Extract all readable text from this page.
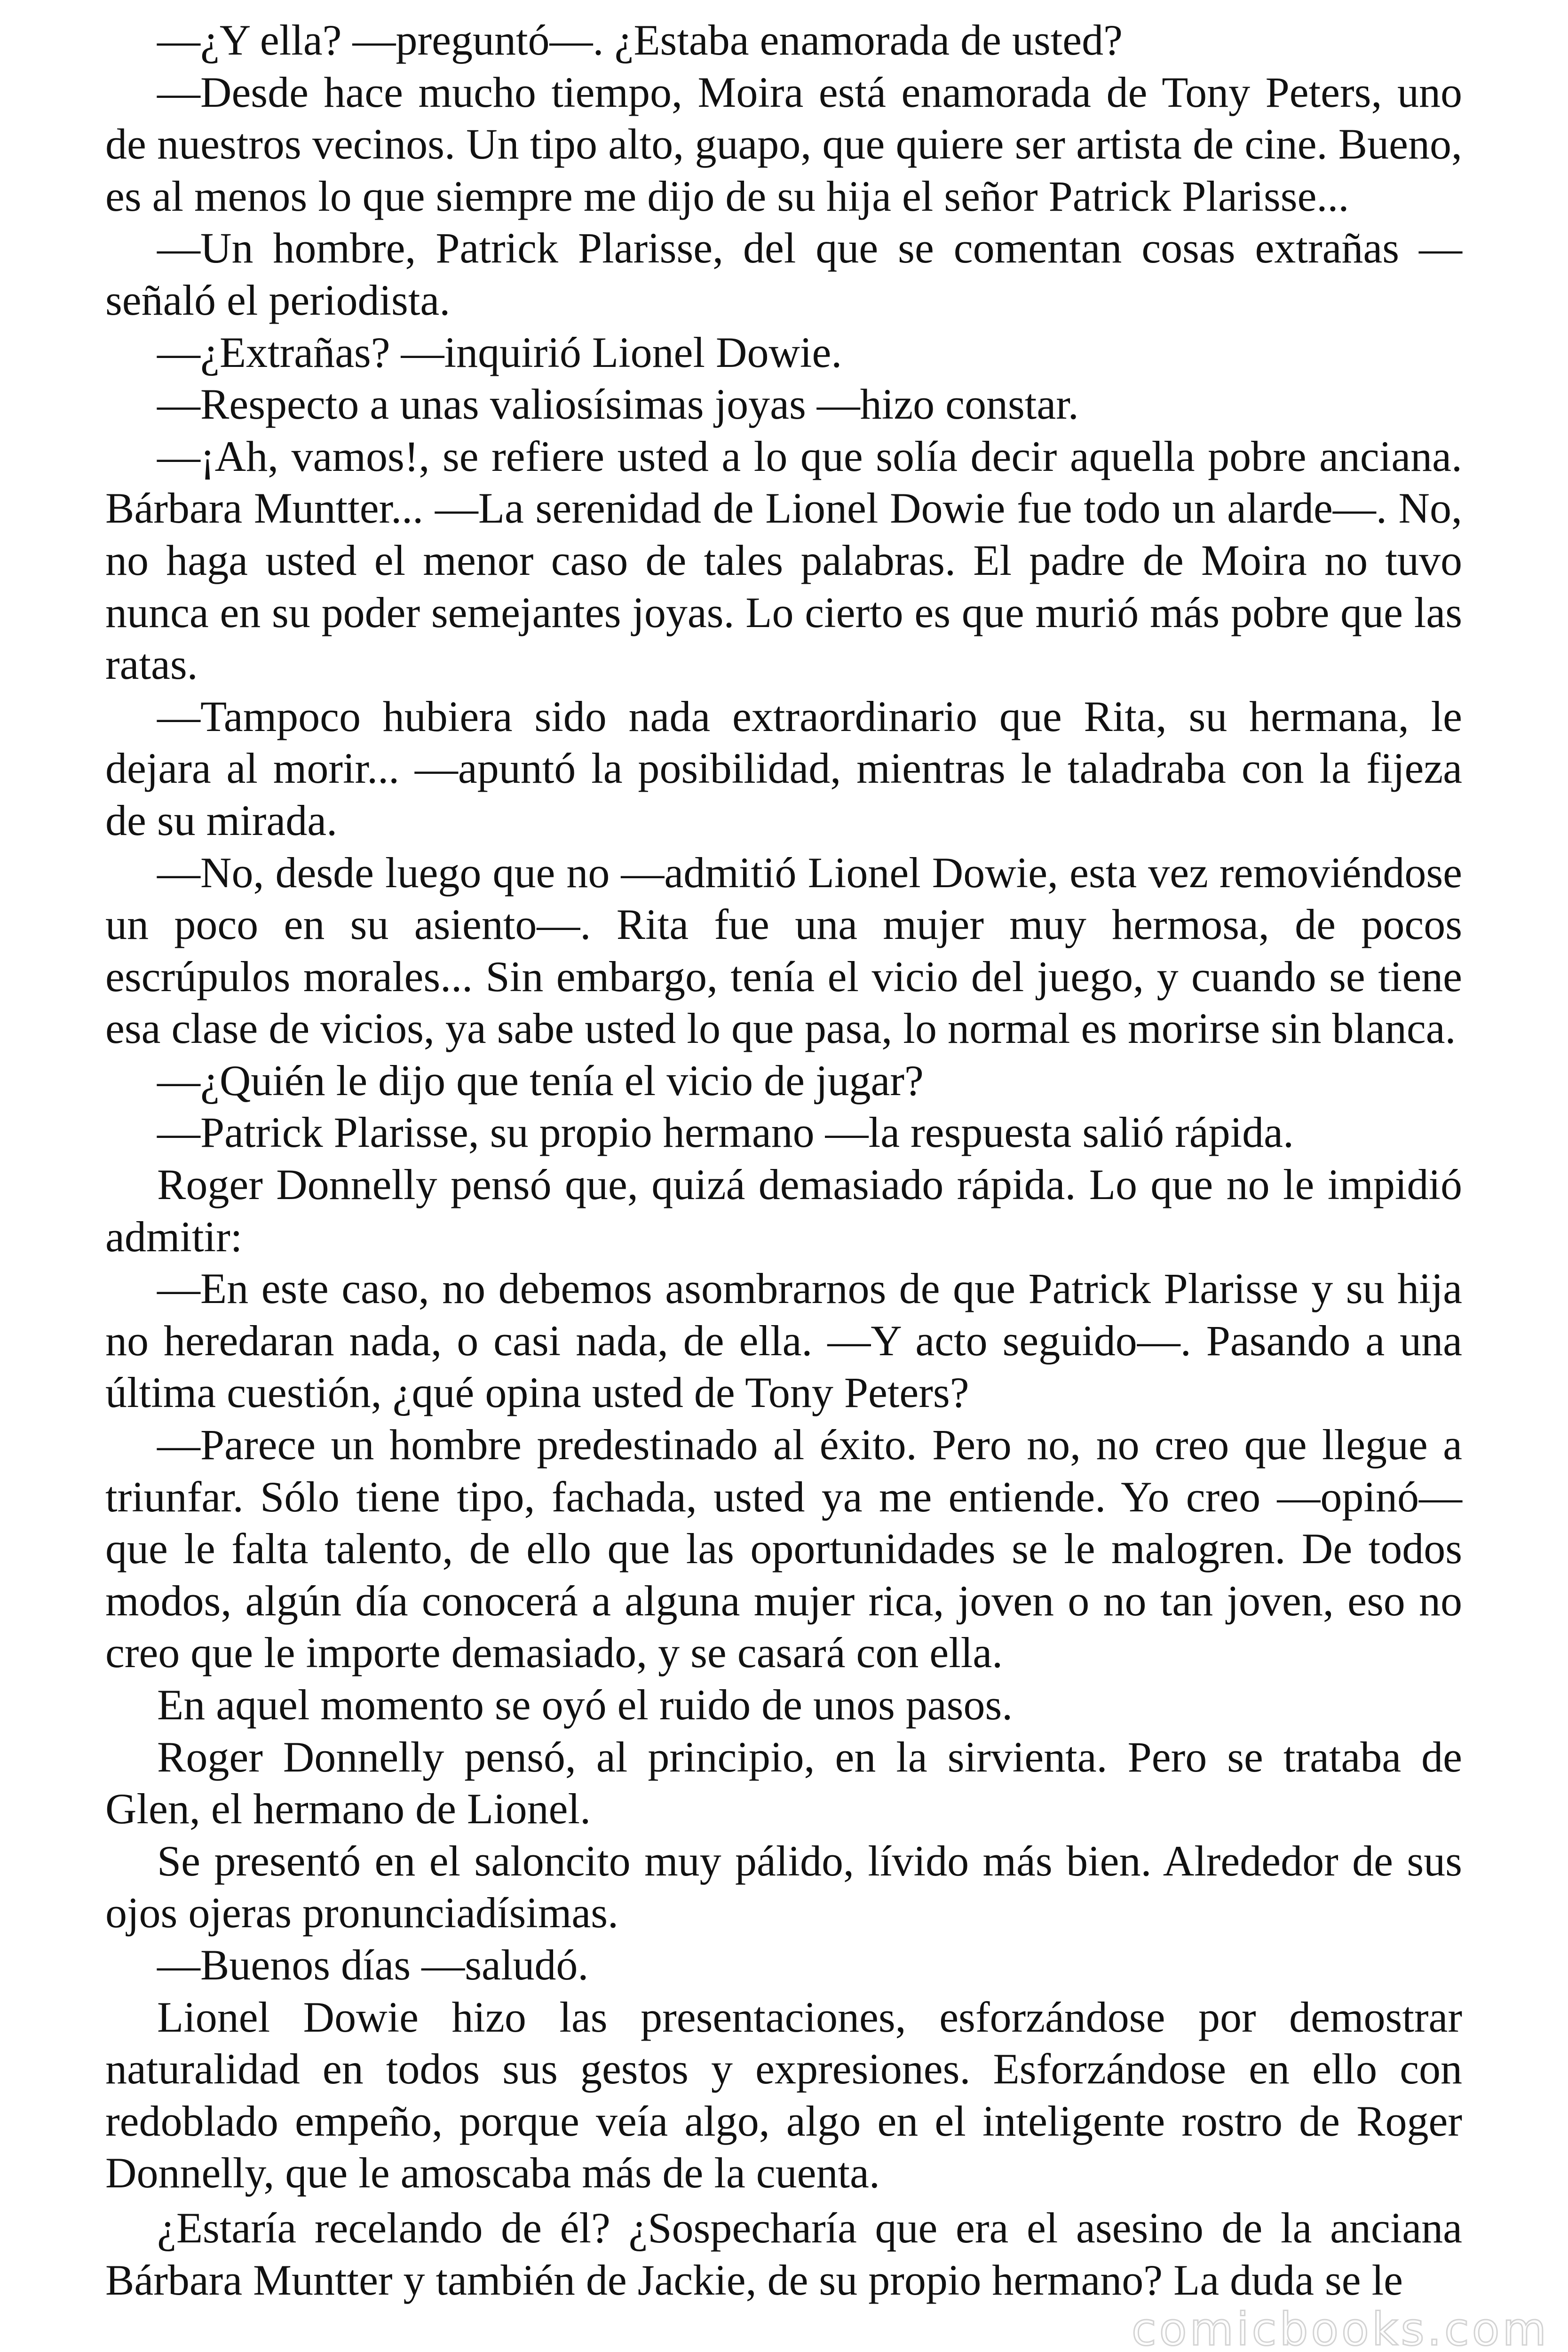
—¿Y ella? —preguntó—. ¿Estaba enamorada de usted?

—Desde hace mucho tiempo, Moira está enamorada de Tony Peters, uno de nuestros vecinos. Un tipo alto, guapo, que quiere ser artista de cine. Bueno, es al menos lo que siempre me dijo de su hija el señor Patrick Plarisse...

—Un hombre, Patrick Plarisse, del que se comentan cosas extrañas —señaló el periodista.

—¿Extrañas? —inquirió Lionel Dowie.

—Respecto a unas valiosísimas joyas —hizo constar.

—¡Ah, vamos!, se refiere usted a lo que solía decir aquella pobre anciana. Bárbara Muntter... —La serenidad de Lionel Dowie fue todo un alarde—. No, no haga usted el menor caso de tales palabras. El padre de Moira no tuvo nunca en su poder semejantes joyas. Lo cierto es que murió más pobre que las ratas.

—Tampoco hubiera sido nada extraordinario que Rita, su hermana, le dejara al morir... —apuntó la posibilidad, mientras le taladraba con la fijeza de su mirada.

—No, desde luego que no —admitió Lionel Dowie, esta vez removiéndose un poco en su asiento—. Rita fue una mujer muy hermosa, de pocos escrúpulos morales... Sin embargo, tenía el vicio del juego, y cuando se tiene esa clase de vicios, ya sabe usted lo que pasa, lo normal es morirse sin blanca.

—¿Quién le dijo que tenía el vicio de jugar?

—Patrick Plarisse, su propio hermano —la respuesta salió rápida.

Roger Donnelly pensó que, quizá demasiado rápida. Lo que no le impidió admitir:

—En este caso, no debemos asombrarnos de que Patrick Plarisse y su hija no heredaran nada, o casi nada, de ella. —Y acto seguido—. Pasando a una última cuestión, ¿qué opina usted de Tony Peters?

—Parece un hombre predestinado al éxito. Pero no, no creo que llegue a triunfar. Sólo tiene tipo, fachada, usted ya me entiende. Yo creo —opinó— que le falta talento, de ello que las oportunidades se le malogren. De todos modos, algún día conocerá a alguna mujer rica, joven o no tan joven, eso no creo que le importe demasiado, y se casará con ella.

En aquel momento se oyó el ruido de unos pasos.

Roger Donnelly pensó, al principio, en la sirvienta. Pero se trataba de Glen, el hermano de Lionel.

Se presentó en el saloncito muy pálido, lívido más bien. Alrededor de sus ojos ojeras pronunciadísimas.

—Buenos días —saludó.

Lionel Dowie hizo las presentaciones, esforzándose por demostrar naturalidad en todos sus gestos y expresiones. Esforzándose en ello con redoblado empeño, porque veía algo, algo en el inteligente rostro de Roger Donnelly, que le amoscaba más de la cuenta.

¿Estaría recelando de él? ¿Sospecharía que era el asesino de la anciana Bárbara Muntter y también de Jackie, de su propio hermano? La duda se le

comicbooks.com
